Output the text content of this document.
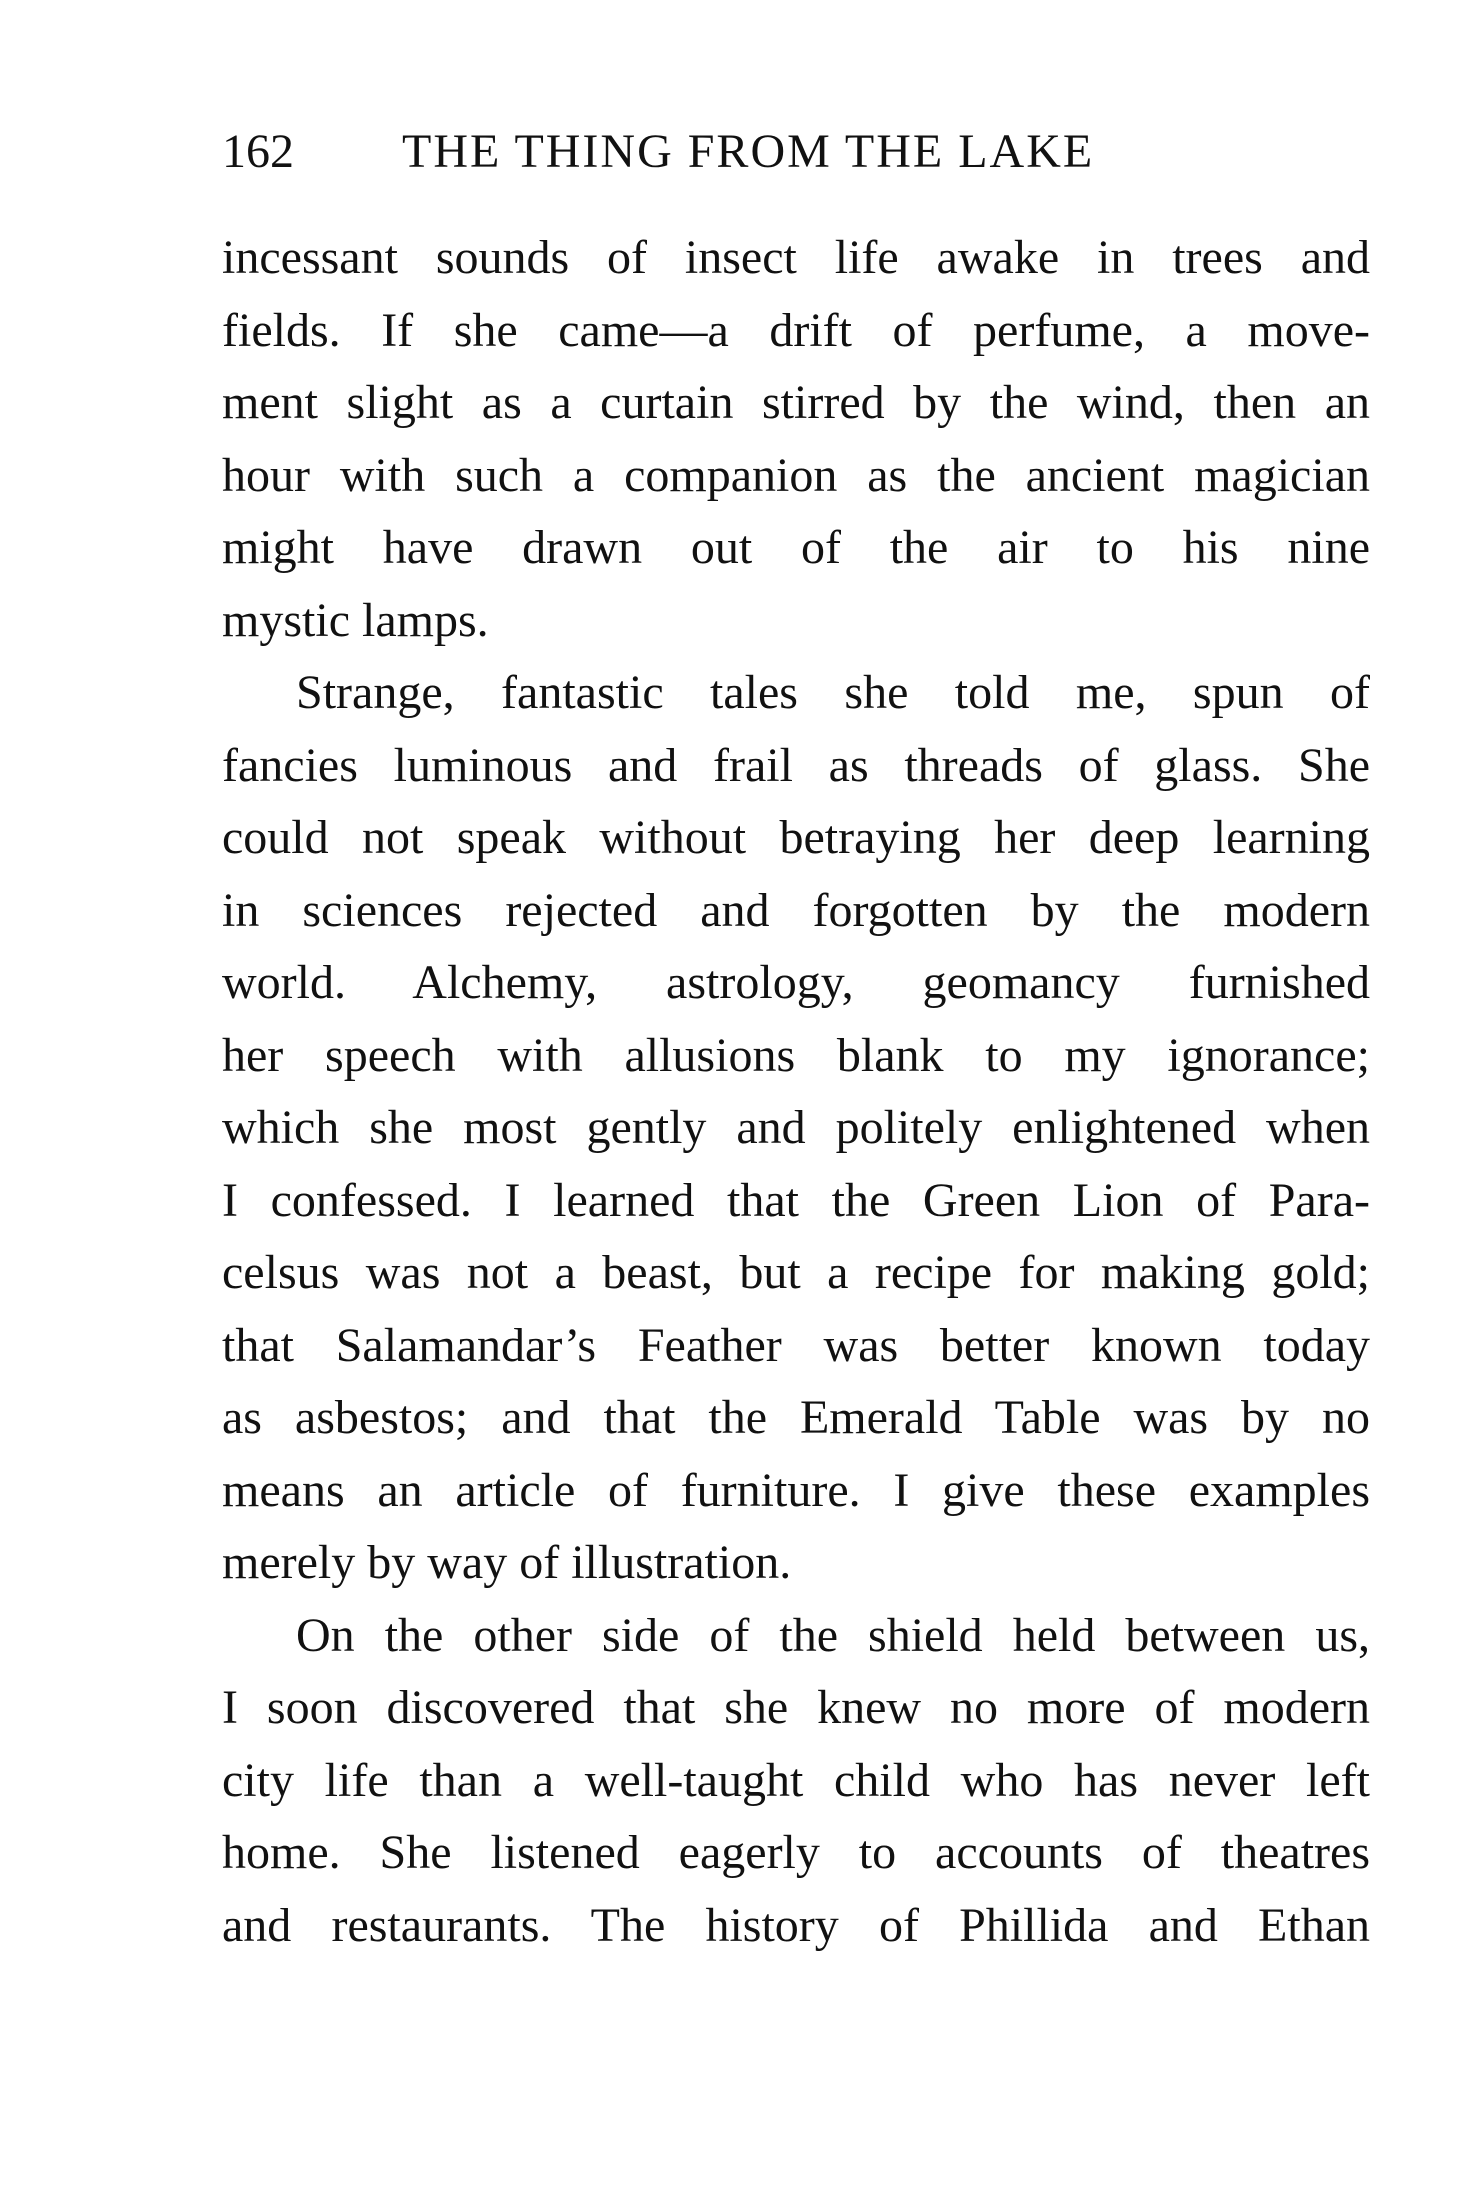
162 THE THING FROM THE LAKE
incessant sounds of insect life awake in trees and
fields. If she came—a drift of perfume, a move-
ment slight as a curtain stirred by the wind, then an
hour with such a companion as the ancient magician
might have drawn out of the air to his nine
mystic lamps.
Strange, fantastic tales she told me, spun of
fancies luminous and frail as threads of glass. She
could not speak without betraying her deep learning
in sciences rejected and forgotten by the modern
world. Alchemy, astrology, geomancy furnished
her speech with allusions blank to my ignorance;
which she most gently and politely enlightened when
I confessed. I learned that the Green Lion of Para-
celsus was not a beast, but a recipe for making gold;
that Salamandar’s Feather was better known today
as asbestos; and that the Emerald Table was by no
means an article of furniture. I give these examples
merely by way of illustration.
On the other side of the shield held between us,
I soon discovered that she knew no more of modern
city life than a well-taught child who has never left
home. She listened eagerly to accounts of theatres
and restaurants. The history of Phillida and Ethan
